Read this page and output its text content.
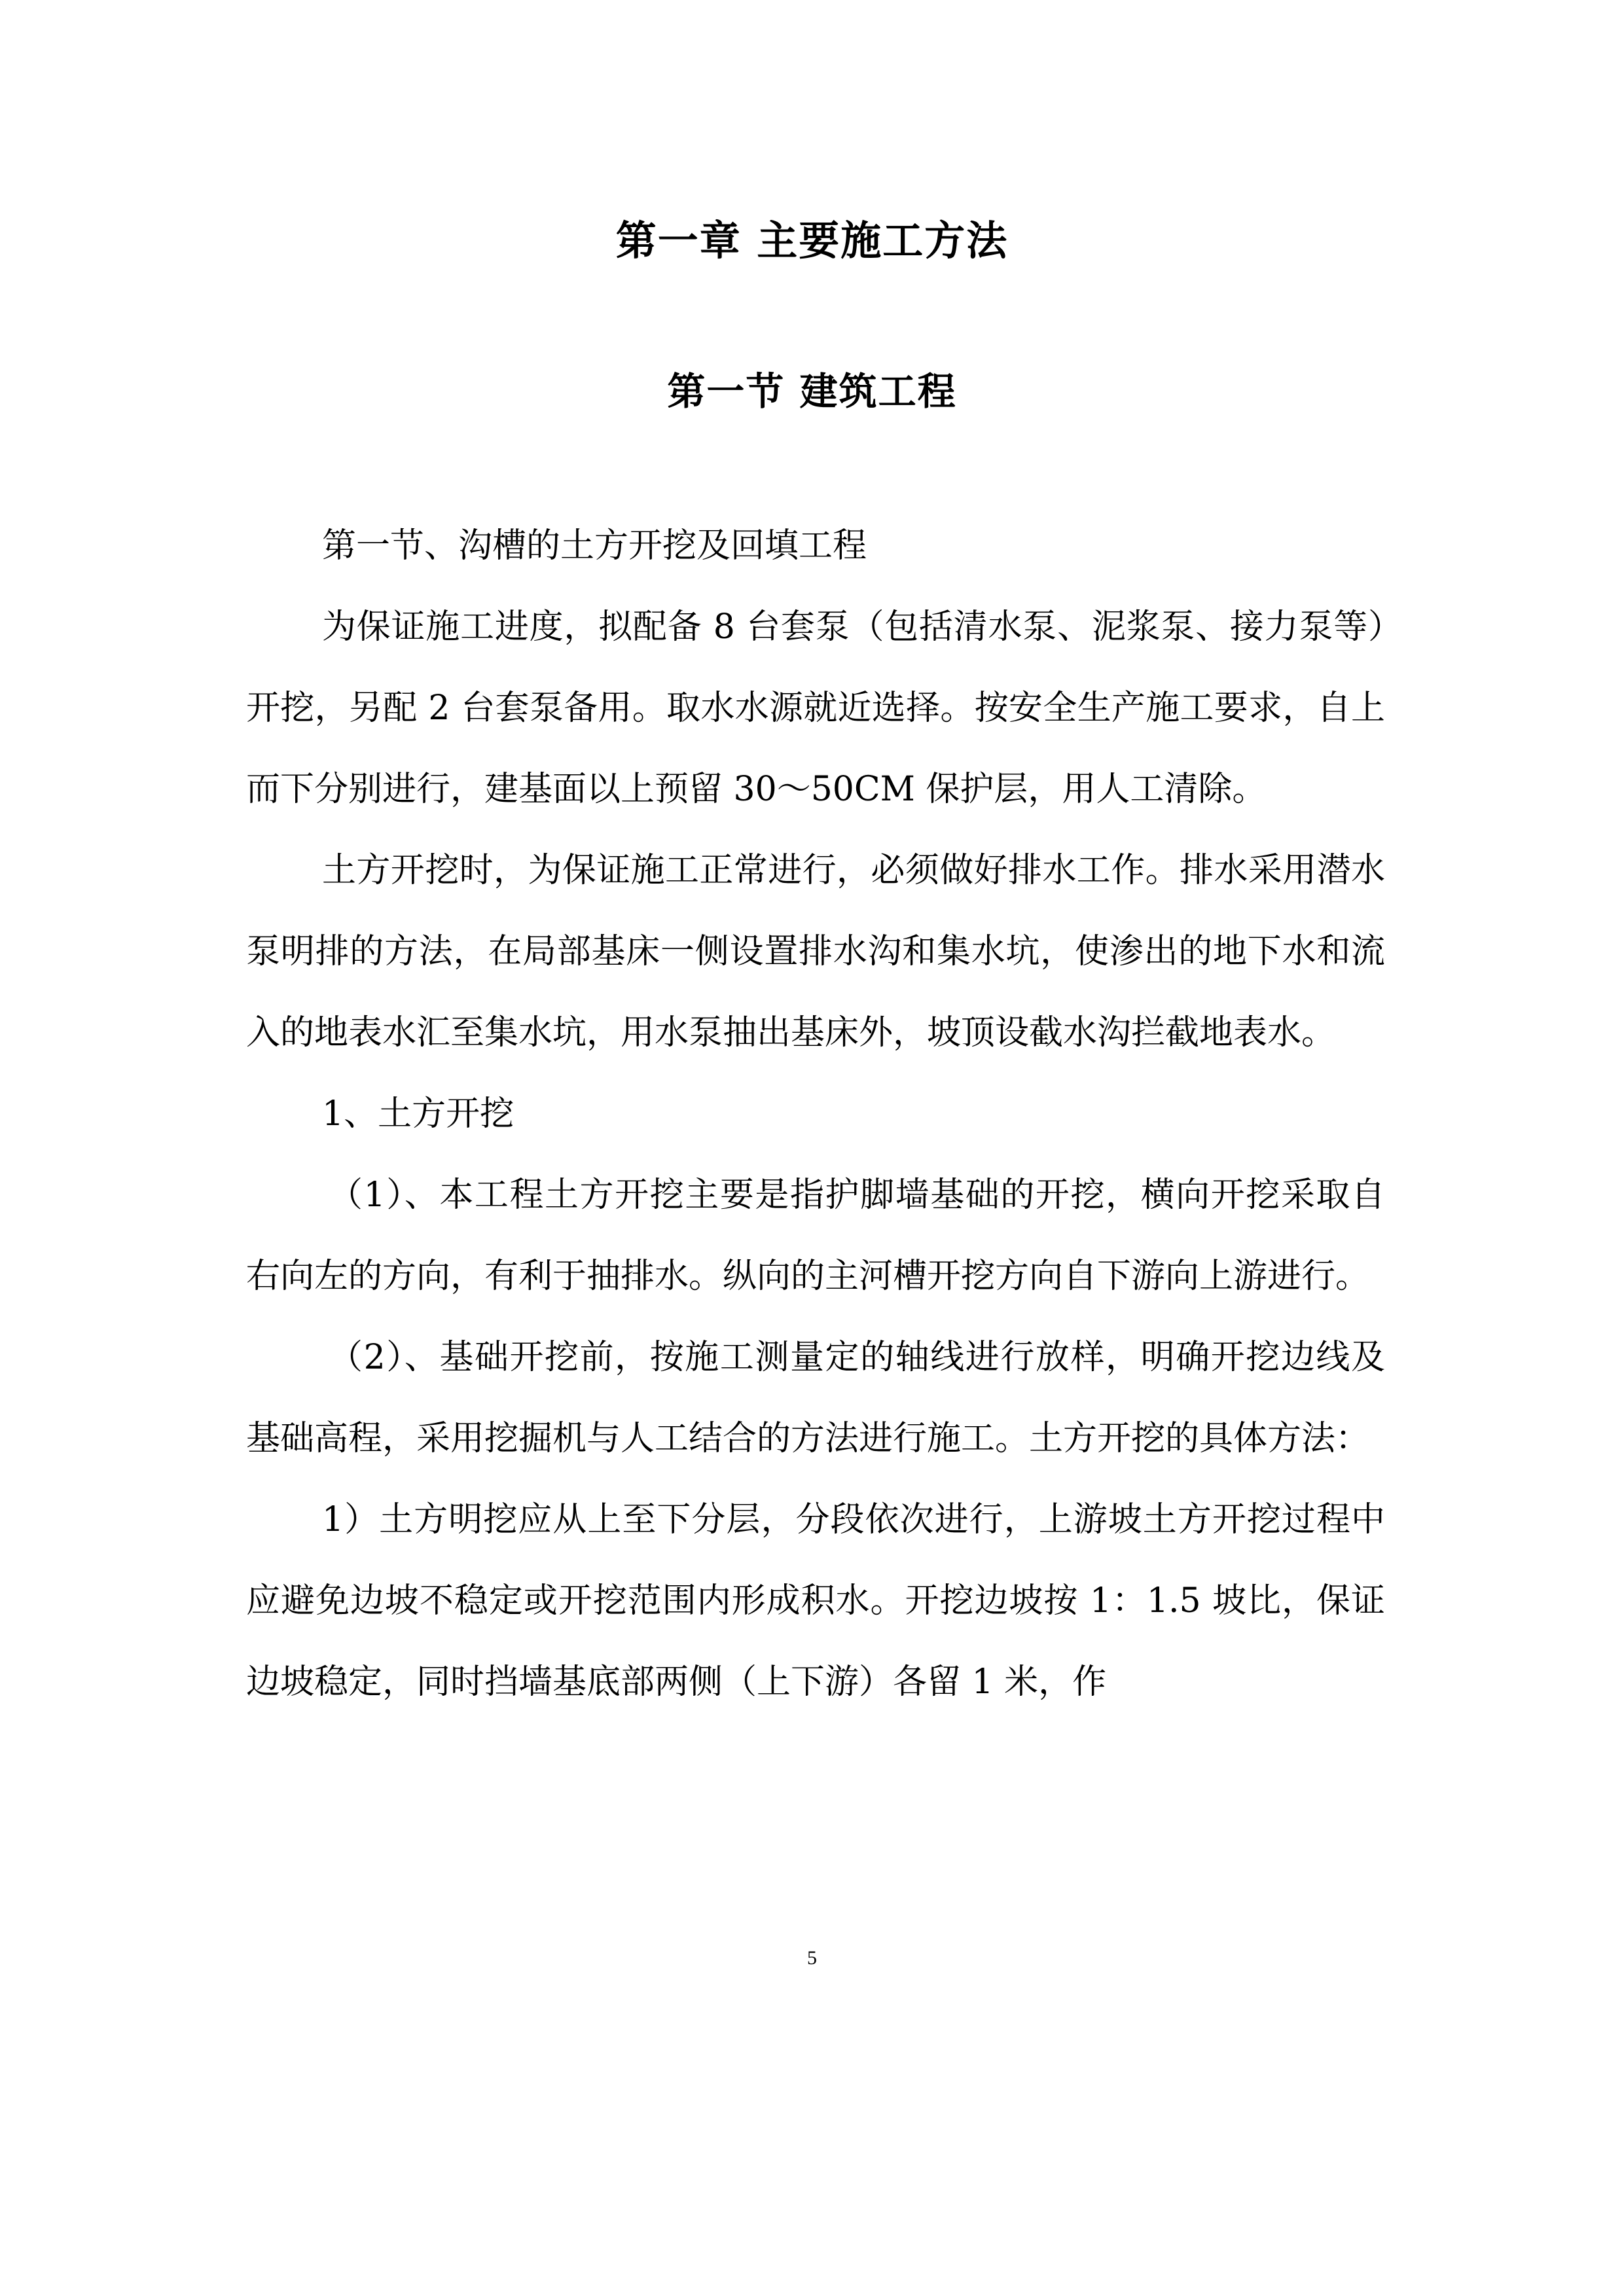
第一章 主要施工方法
第一节 建筑工程

第一节、沟槽的土方开挖及回填工程

为保证施工进度，拟配备 8 台套泵（包括清水泵、泥浆泵、接力泵等）开挖，另配 2 台套泵备用。取水水源就近选择。按安全生产施工要求，自上而下分别进行，建基面以上预留 30～50CM 保护层，用人工清除。

土方开挖时，为保证施工正常进行，必须做好排水工作。排水采用潜水泵明排的方法，在局部基床一侧设置排水沟和集水坑，使渗出的地下水和流入的地表水汇至集水坑，用水泵抽出基床外，坡顶设截水沟拦截地表水。

1、土方开挖

（1）、本工程土方开挖主要是指护脚墙基础的开挖，横向开挖采取自右向左的方向，有利于抽排水。纵向的主河槽开挖方向自下游向上游进行。

（2）、基础开挖前，按施工测量定的轴线进行放样，明确开挖边线及基础高程，采用挖掘机与人工结合的方法进行施工。土方开挖的具体方法：

1）土方明挖应从上至下分层，分段依次进行，上游坡土方开挖过程中应避免边坡不稳定或开挖范围内形成积水。开挖边坡按 1：1.5 坡比，保证边坡稳定，同时挡墙基底部两侧（上下游）各留 1 米，作

5
